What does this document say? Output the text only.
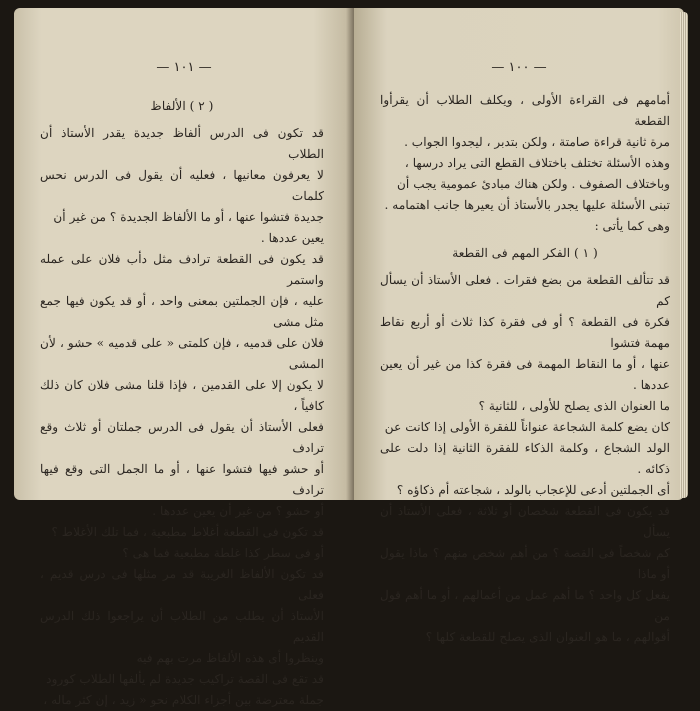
— ١٠١ —

( ٢ ) الألفاظ

قد تكون فى الدرس ألفاظ جديدة يقدر الأستاذ أن الطلاب

لا يعرفون معانيها ، فعليه أن يقول فى الدرس نحس كلمات

جديدة فتشوا عنها ، أو ما الألفاظ الجديدة ؟ من غير أن

يعين عددها .

قد يكون فى القطعة ترادف مثل دأب فلان على عمله واستمر

عليه ، فإن الجملتين بمعنى واحد ، أو قد يكون فيها جمع مثل مشى

فلان على قدميه ، فإن كلمتى « على قدميه » حشو ، لأن المشى

لا يكون إلا على القدمين ، فإذا قلنا مشى فلان كان ذلك كافياً ،

فعلى الأستاذ أن يقول فى الدرس جملتان أو ثلاث وقع ترادف

أو حشو فيها فتشوا عنها ، أو ما الجمل التى وقع فيها ترادف

أو حشو ؟ من غير أن يعين عددها .

قد تكون فى القطعة أغلاط مطبعية ، فما تلك الأغلاط ؟

أو فى سطر كذا غلطة مطبعية فما هى ؟

قد تكون الألفاظ الغريبة قد مر مثلها فى درس قديم ، فعلى

الأستاذ أن يطلب من الطلاب أن يراجعوا ذلك الدرس القديم

وينظروا أى هذه الألفاظ مرت بهم فيه

قد تقع فى القصة تراكيب جديدة لم يألفها الطلاب كورود

جملة معترضة بين أجزاء الكلام نحو « زيد ، إن كثر ماله ،

— ١٠٠ —

أمامهم فى القراءة الأولى ، ويكلف الطلاب أن يقرأوا القطعة

مرة ثانية قراءة صامتة ، ولكن بتدبر ، ليجدوا الجواب .

وهذه الأسئلة تختلف باختلاف القطع التى يراد درسها ،

وباختلاف الصفوف . ولكن هناك مبادئ عمومية يجب أن

تبنى الأسئلة عليها يجدر بالأستاذ أن يعيرها جانب اهتمامه .

وهى كما يأتى :

( ١ ) الفكر المهم فى القطعة

قد تتألف القطعة من بضع فقرات . فعلى الأستاذ أن يسأل كم

فكرة فى القطعة ؟ أو فى فقرة كذا ثلاث أو أربع نقاط مهمة فتشوا

عنها ، أو ما النقاط المهمة فى فقرة كذا من غير أن يعين عددها .

ما العنوان الذى يصلح للأولى ، للثانية ؟

كان يضع كلمة الشجاعة عنواناً للفقرة الأولى إذا كانت عن

الولد الشجاع ، وكلمة الذكاء للفقرة الثانية إذا دلت على ذكائه .

أى الجملتين أدعى للإعجاب بالولد ، شجاعته أم ذكاؤه ؟

قد يكون فى القطعة شخصان أو ثلاثة ، فعلى الأستاذ أن يسأل

كم شخصاً فى القصة ؟ من أهم شخص منهم ؟ ماذا يقول أو ماذا

يفعل كل واحد ؟ ما أهم عمل من أعمالهم ، أو ما أهم قول من

أقوالهم ، ما هو العنوان الذى يصلح للقطعة كلها ؟
